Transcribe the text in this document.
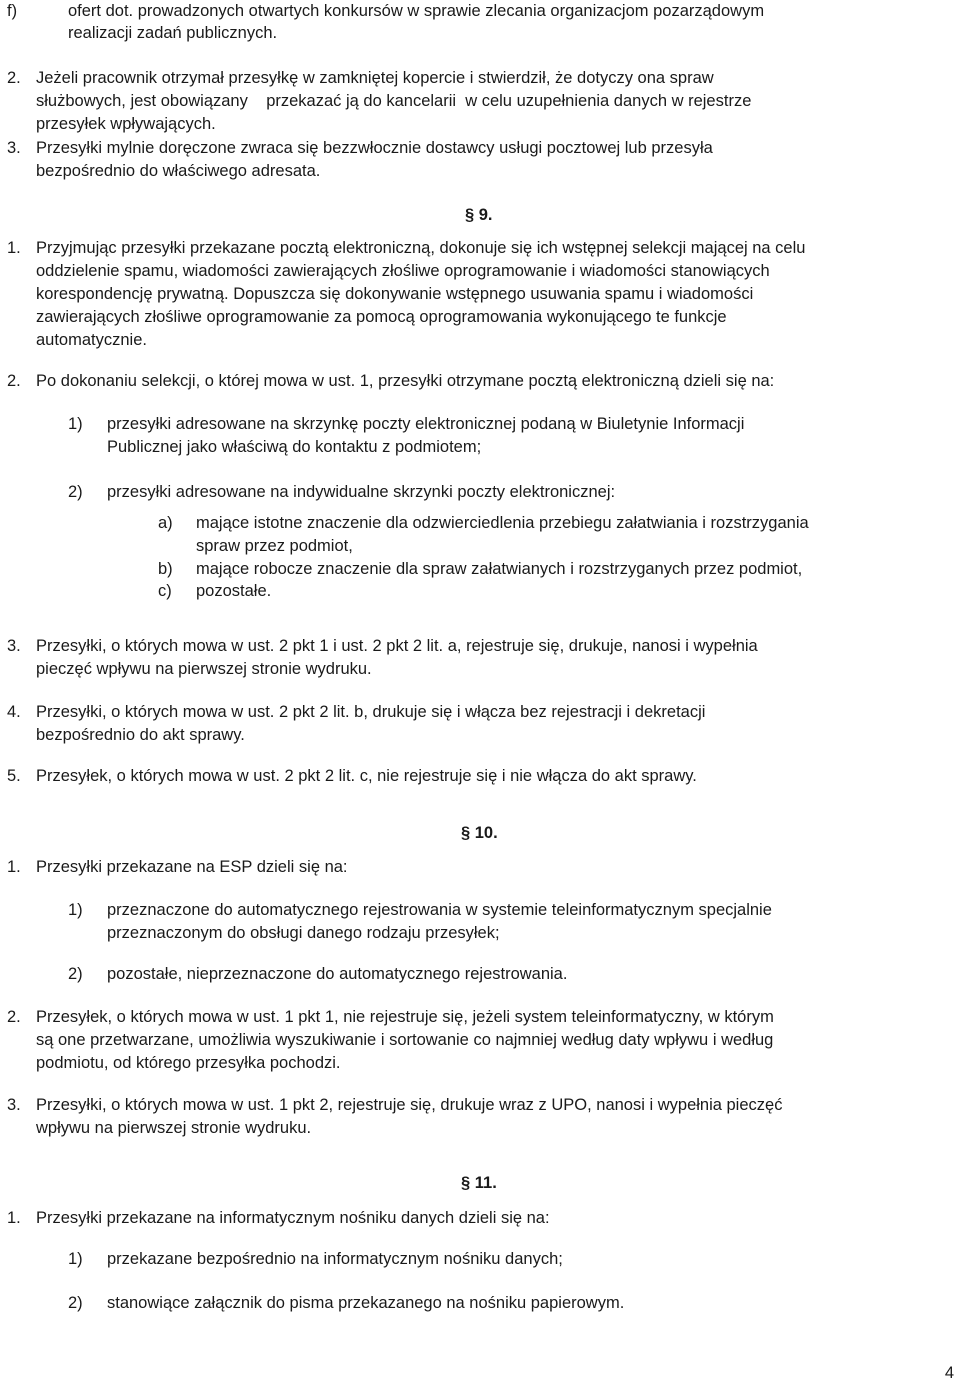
f)	ofert dot. prowadzonych otwartych konkursów w sprawie zlecania organizacjom pozarządowym

realizacji zadań publicznych.

2. Jeżeli pracownik otrzymał przesyłkę w zamkniętej kopercie i stwierdził, że dotyczy ona spraw

służbowych, jest obowiązany    przekazać ją do kancelarii  w celu uzupełnienia danych w rejestrze

przesyłek wpływających.

3. Przesyłki mylnie doręczone zwraca się bezzwłocznie dostawcy usługi pocztowej lub przesyła

bezpośrednio do właściwego adresata.

§ 9.
1. Przyjmując przesyłki przekazane pocztą elektroniczną, dokonuje się ich wstępnej selekcji mającej na celu

oddzielenie spamu, wiadomości zawierających złośliwe oprogramowanie i wiadomości stanowiących

korespondencję prywatną. Dopuszcza się dokonywanie wstępnego usuwania spamu i wiadomości

zawierających złośliwe oprogramowanie za pomocą oprogramowania wykonującego te funkcje

automatycznie.

2. Po dokonaniu selekcji, o której mowa w ust. 1, przesyłki otrzymane pocztą elektroniczną dzieli się na:

1) przesyłki adresowane na skrzynkę poczty elektronicznej podaną w Biuletynie Informacji

Publicznej jako właściwą do kontaktu z podmiotem;

2) przesyłki adresowane na indywidualne skrzynki poczty elektronicznej:

a) mające istotne znaczenie dla odzwierciedlenia przebiegu załatwiania i rozstrzygania

spraw przez podmiot,

b) mające robocze znaczenie dla spraw załatwianych i rozstrzyganych przez podmiot,

c) pozostałe.

3. Przesyłki, o których mowa w ust. 2 pkt 1 i ust. 2 pkt 2 lit. a, rejestruje się, drukuje, nanosi i wypełnia

pieczęć wpływu na pierwszej stronie wydruku.

4. Przesyłki, o których mowa w ust. 2 pkt 2 lit. b, drukuje się i włącza bez rejestracji i dekretacji

bezpośrednio do akt sprawy.

5. Przesyłek, o których mowa w ust. 2 pkt 2 lit. c, nie rejestruje się i nie włącza do akt sprawy.

§ 10.
1. Przesyłki przekazane na ESP dzieli się na:

1) przeznaczone do automatycznego rejestrowania w systemie teleinformatycznym specjalnie

przeznaczonym do obsługi danego rodzaju przesyłek;

2) pozostałe, nieprzeznaczone do automatycznego rejestrowania.

2. Przesyłek, o których mowa w ust. 1 pkt 1, nie rejestruje się, jeżeli system teleinformatyczny, w którym

są one przetwarzane, umożliwia wyszukiwanie i sortowanie co najmniej według daty wpływu i według

podmiotu, od którego przesyłka pochodzi.

3. Przesyłki, o których mowa w ust. 1 pkt 2, rejestruje się, drukuje wraz z UPO, nanosi i wypełnia pieczęć

wpływu na pierwszej stronie wydruku.

§ 11.
1. Przesyłki przekazane na informatycznym nośniku danych dzieli się na:

1) przekazane bezpośrednio na informatycznym nośniku danych;

2) stanowiące załącznik do pisma przekazanego na nośniku papierowym.

4
